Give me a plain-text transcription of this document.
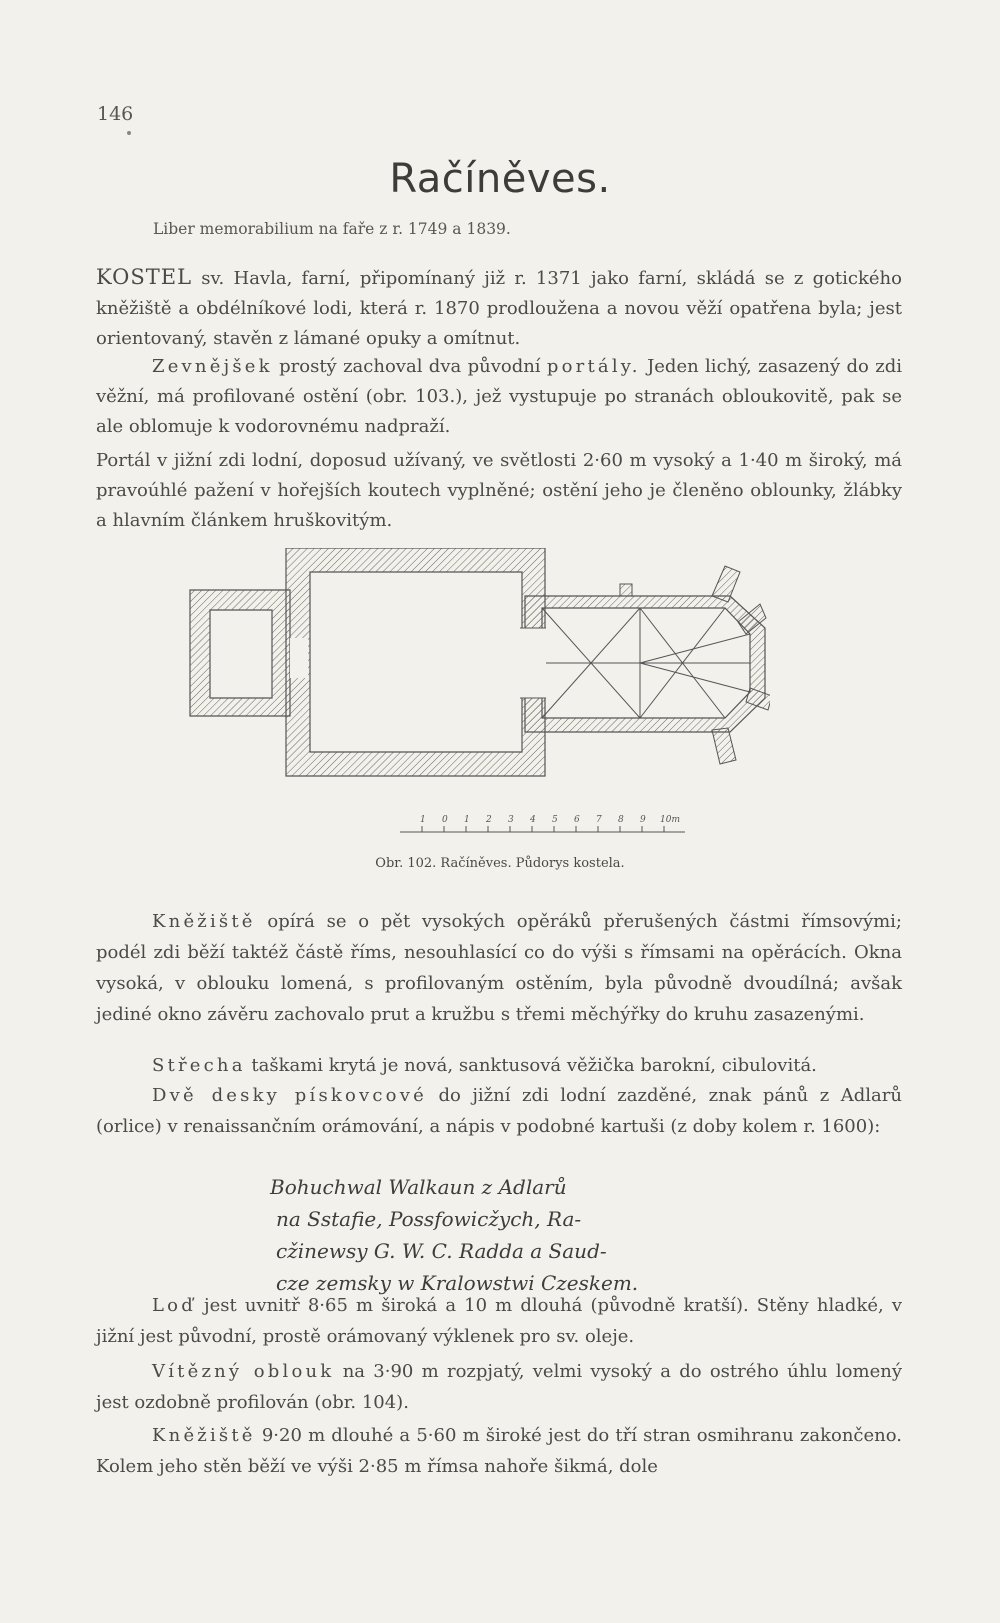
146
Račíněves.
Liber memorabilium na faře z r. 1749 a 1839.
KOSTEL sv. Havla, farní, připomínaný již r. 1371 jako farní, skládá se z gotického kněžiště a obdélníkové lodi, která r. 1870 prodloužena a novou věží opatřena byla; jest orientovaný, stavěn z lámané opuky a omítnut.
Zevnějšek prostý zachoval dva původní portály. Jeden lichý, zasazený do zdi věžní, má profilované ostění (obr. 103.), jež vystupuje po stranách obloukovitě, pak se ale oblomuje k vodorovnému nadpraží.
Portál v jižní zdi lodní, doposud užívaný, ve světlosti 2·60 m vysoký a 1·40 m široký, má pravoúhlé pažení v hořejších koutech vyplněné; ostění jeho je členěno oblounky, žlábky a hlavním článkem hruškovitým.
1 0 1 2 3 4 5 6 7 8 9 10m
Obr. 102. Račíněves. Půdorys kostela.
Kněžiště opírá se o pět vysokých opěráků přerušených částmi římsovými; podél zdi běží taktéž částě říms, nesouhlasící co do výši s římsami na opěrácích. Okna vysoká, v oblouku lomená, s profilovaným ostěním, byla původně dvoudílná; avšak jediné okno závěru zachovalo prut a kružbu s třemi měchýřky do kruhu zasazenými.
Střecha taškami krytá je nová, sanktusová věžička barokní, cibulovitá.
Dvě desky pískovcové do jižní zdi lodní zazděné, znak pánů z Adlarů (orlice) v renaissančním orámování, a nápis v podobné kartuši (z doby kolem r. 1600):
Bohuchwal Walkaun z Adlarů
na Sstafie, Possfowicžych, Ra-
cžinewsy G. W. C. Radda a Saud-
cze zemsky w Kralowstwi Czeskem.
Loď jest uvnitř 8·65 m široká a 10 m dlouhá (původně kratší). Stěny hladké, v jižní jest původní, prostě orámovaný výklenek pro sv. oleje.
Vítězný oblouk na 3·90 m rozpjatý, velmi vysoký a do ostrého úhlu lomený jest ozdobně profilován (obr. 104).
Kněžiště 9·20 m dlouhé a 5·60 m široké jest do tří stran osmihranu zakončeno. Kolem jeho stěn běží ve výši 2·85 m římsa nahoře šikmá, dole
